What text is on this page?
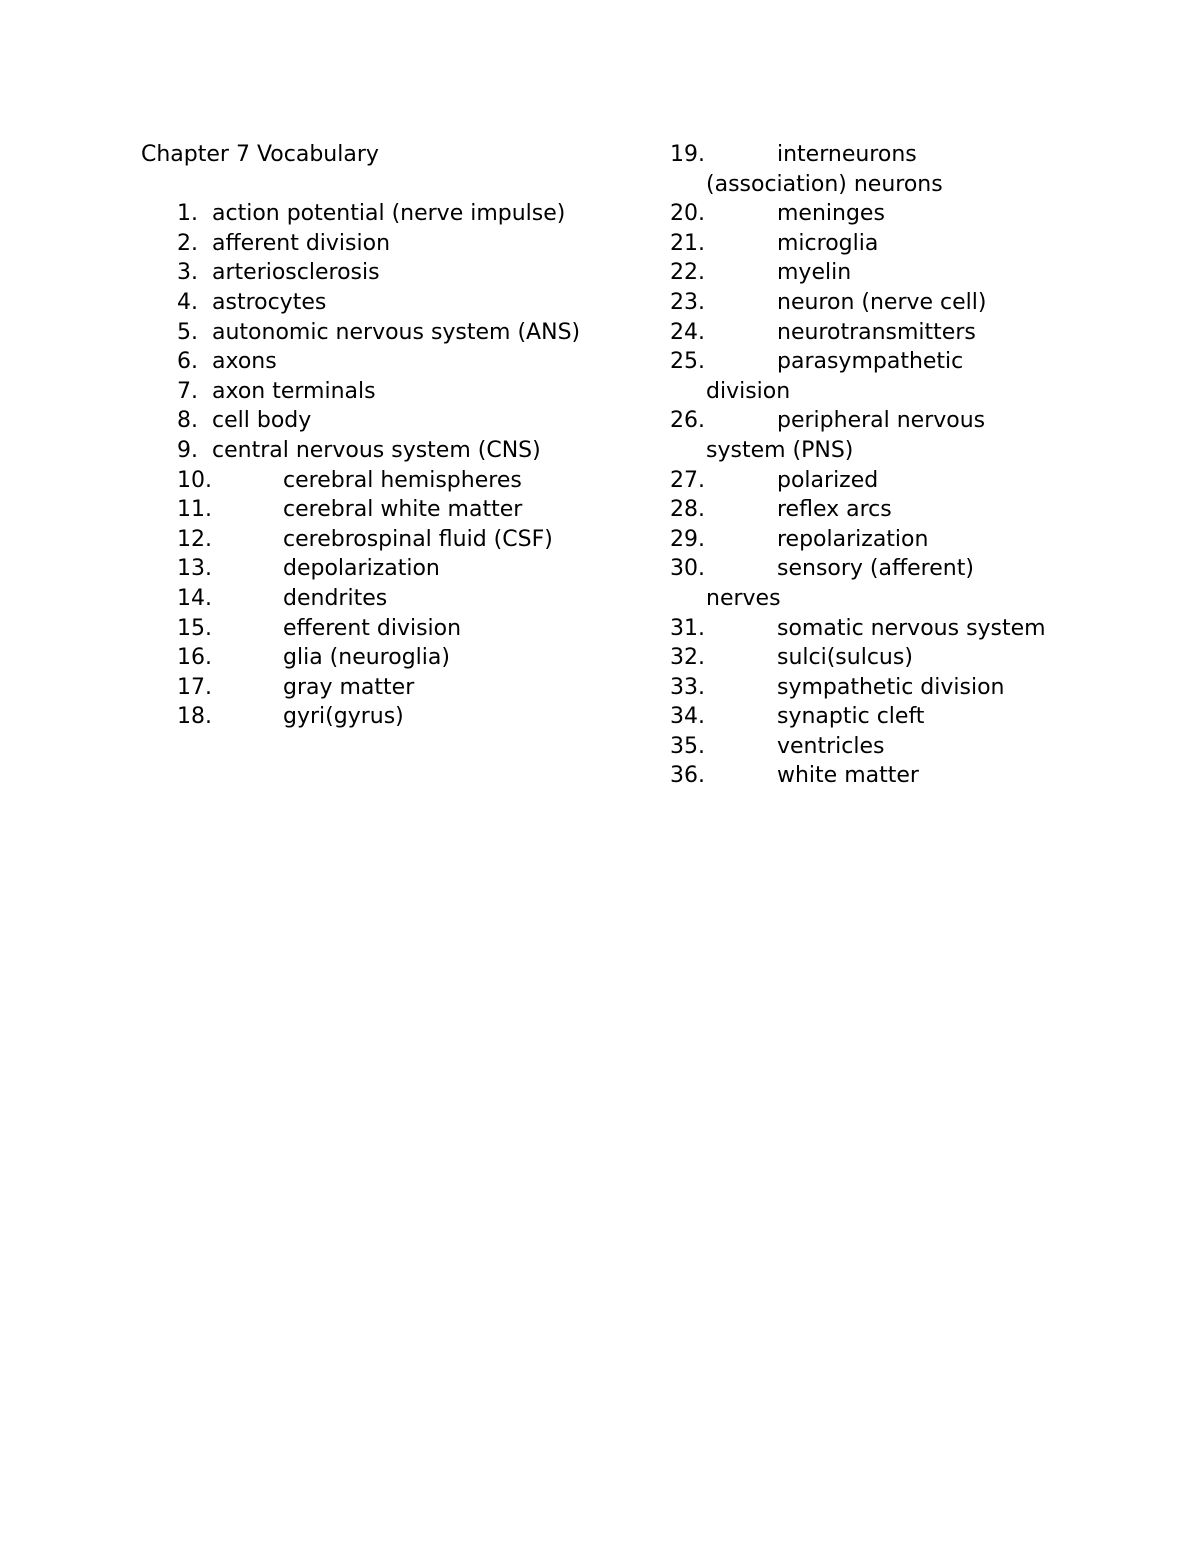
Chapter 7 Vocabulary
1. action potential (nerve impulse)
2. afferent division
3. arteriosclerosis
4. astrocytes
5. autonomic nervous system (ANS)
6. axons
7. axon terminals
8. cell body
9. central nervous system (CNS)
10.	cerebral hemispheres
11.	cerebral white matter
12.	cerebrospinal fluid (CSF)
13.	depolarization
14.	dendrites
15.	efferent division
16.	glia (neuroglia)
17.	gray matter
18.	gyri(gyrus)
19.	interneurons (association) neurons
20.	meninges
21.	microglia
22.	myelin
23.	neuron (nerve cell)
24.	neurotransmitters
25.	parasympathetic division
26.	peripheral nervous system (PNS)
27.	polarized
28.	reflex arcs
29.	repolarization
30.	sensory (afferent) nerves
31.	somatic nervous system
32.	sulci(sulcus)
33.	sympathetic division
34.	synaptic cleft
35.	ventricles
36.	white matter
